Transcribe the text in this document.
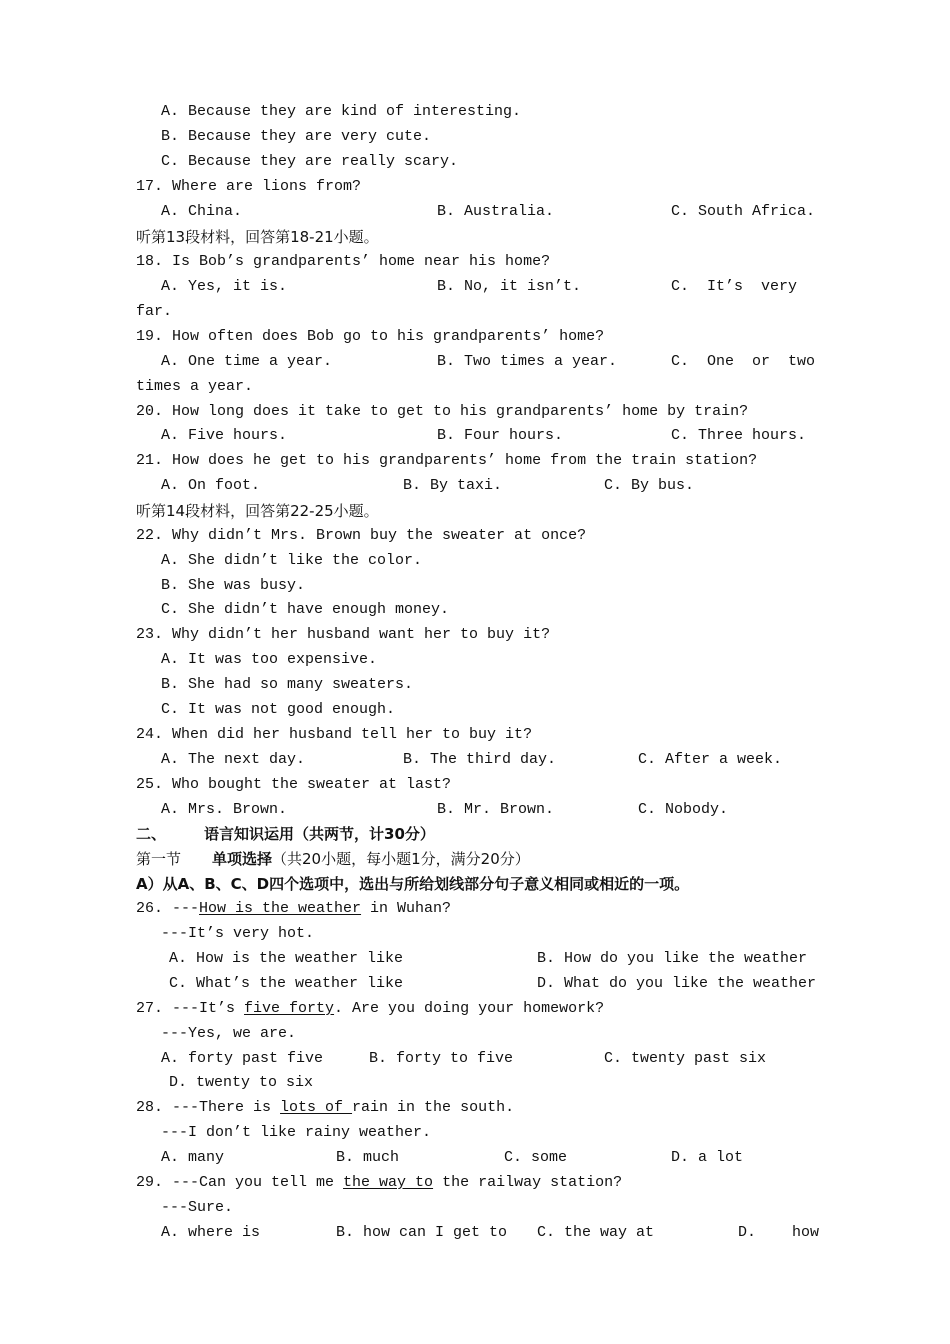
A. Because they are kind of interesting.
B. Because they are very cute.
C. Because they are really scary.
17. Where are lions from?
A. China.	B. Australia.	C. South Africa.
听第13段材料，回答第18-21小题。
18. Is Bob’s grandparents’ home near his home?
A. Yes, it is.	B. No, it isn’t.	C.  It’s  very
far.
19. How often does Bob go to his grandparents’ home?
A. One time a year.	B. Two times a year.	C.  One  or  two
times a year.
20. How long does it take to get to his grandparents’ home by train?
A. Five hours.	B. Four hours.	C. Three hours.
21. How does he get to his grandparents’ home from the train station?
A. On foot.	B. By taxi.	C. By bus.
听第14段材料，回答第22-25小题。
22. Why didn’t Mrs. Brown buy the sweater at once?
A. She didn’t like the color.
B. She was busy.
C. She didn’t have enough money.
23. Why didn’t her husband want her to buy it?
A. It was too expensive.
B. She had so many sweaters.
C. It was not good enough.
24. When did her husband tell her to buy it?
A. The next day.	B. The third day.	C. After a week.
25. Who bought the sweater at last?
A. Mrs. Brown.	B. Mr. Brown.	C. Nobody.
二、	语言知识运用（共两节，计30分）
第一节 单项选择（共20小题，每小题1分，满分20分）
A）从A、B、C、D四个选项中，选出与所给划线部分句子意义相同或相近的一项。
26. ---How is the weather in Wuhan?
---It’s very hot.
A. How is the weather like	B. How do you like the weather
C. What’s the weather like	D. What do you like the weather
27. ---It’s five forty. Are you doing your homework?
---Yes, we are.
A. forty past five	B. forty to five	C. twenty past six
D. twenty to six
28. ---There is lots of rain in the south.
---I don’t like rainy weather.
A. many	B. much	C. some	D. a lot
29. ---Can you tell me the way to the railway station?
---Sure.
A. where is	B. how can I get to C. the way at	D.    how
